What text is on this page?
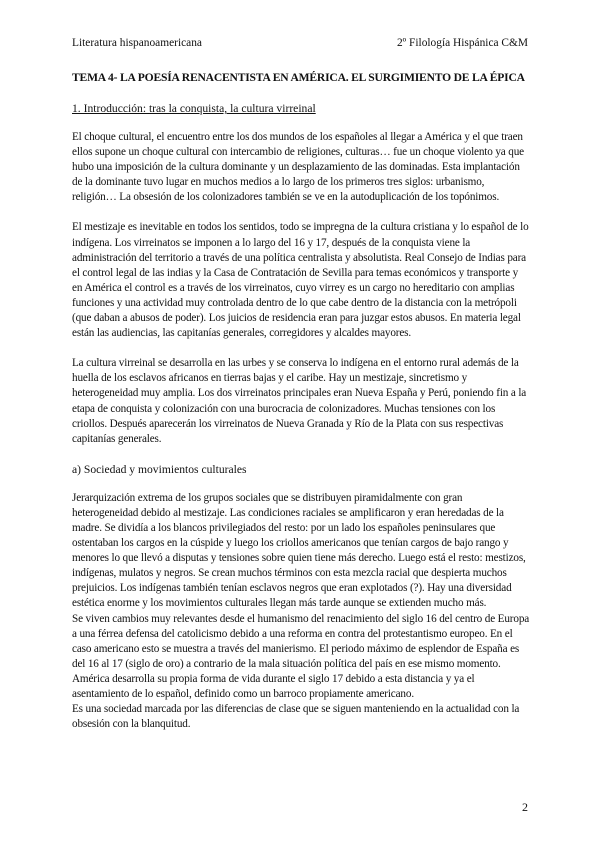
Literatura hispanoamericana	2º Filología Hispánica C&M
TEMA 4- LA POESÍA RENACENTISTA EN AMÉRICA. EL SURGIMIENTO DE LA ÉPICA
1. Introducción: tras la conquista, la cultura virreinal

El choque cultural, el encuentro entre los dos mundos de los españoles al llegar a América y el que traen ellos supone un choque cultural con intercambio de religiones, culturas… fue un choque violento ya que hubo una imposición de la cultura dominante y un desplazamiento de las dominadas. Esta implantación de la dominante tuvo lugar en muchos medios a lo largo de los primeros tres siglos: urbanismo, religión… La obsesión de los colonizadores también se ve en la autoduplicación de los topónimos.

El mestizaje es inevitable en todos los sentidos, todo se impregna de la cultura cristiana y lo español de lo indígena. Los virreinatos se imponen a lo largo del 16 y 17, después de la conquista viene la administración del territorio a través de una política centralista y absolutista. Real Consejo de Indias para el control legal de las indias y la Casa de Contratación de Sevilla para temas económicos y transporte y en América el control es a través de los virreinatos, cuyo virrey es un cargo no hereditario con amplias funciones y una actividad muy controlada dentro de lo que cabe dentro de la distancia con la metrópoli (que daban a abusos de poder). Los juicios de residencia eran para juzgar estos abusos. En materia legal están las audiencias, las capitanías generales, corregidores y alcaldes mayores.

La cultura virreinal se desarrolla en las urbes y se conserva lo indígena en el entorno rural además de la huella de los esclavos africanos en tierras bajas y el caribe. Hay un mestizaje, sincretismo y heterogeneidad muy amplia. Los dos virreinatos principales eran Nueva España y Perú, poniendo fin a la etapa de conquista y colonización con una burocracia de colonizadores. Muchas tensiones con los criollos. Después aparecerán los virreinatos de Nueva Granada y Río de la Plata con sus respectivas capitanías generales.

a) Sociedad y movimientos culturales

Jerarquización extrema de los grupos sociales que se distribuyen piramidalmente con gran heterogeneidad debido al mestizaje. Las condiciones raciales se amplificaron y eran heredadas de la madre. Se dividía a los blancos privilegiados del resto: por un lado los españoles peninsulares que ostentaban los cargos en la cúspide y luego los criollos americanos que tenían cargos de bajo rango y menores lo que llevó a disputas y tensiones sobre quien tiene más derecho. Luego está el resto: mestizos, indígenas, mulatos y negros. Se crean muchos términos con esta mezcla racial que despierta muchos prejuicios. Los indígenas también tenían esclavos negros que eran explotados (?). Hay una diversidad estética enorme y los movimientos culturales llegan más tarde aunque se extienden mucho más.

Se viven cambios muy relevantes desde el humanismo del renacimiento del siglo 16 del centro de Europa a una férrea defensa del catolicismo debido a una reforma en contra del protestantismo europeo. En el caso americano esto se muestra a través del manierismo. El periodo máximo de esplendor de España es del 16 al 17 (siglo de oro) a contrario de la mala situación política del país en ese mismo momento. América desarrolla su propia forma de vida durante el siglo 17 debido a esta distancia y ya el asentamiento de lo español, definido como un barroco propiamente americano.

Es una sociedad marcada por las diferencias de clase que se siguen manteniendo en la actualidad con la obsesión con la blanquitud.

2
